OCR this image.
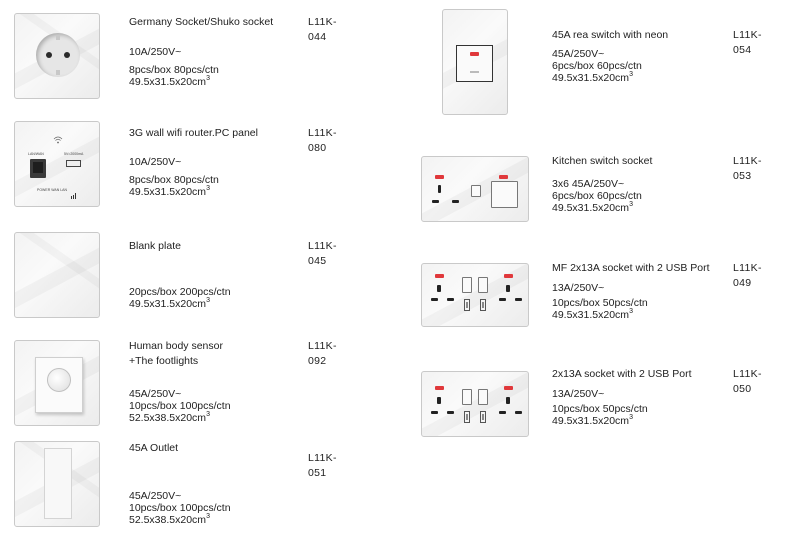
Germany Socket/Shuko socket	L11K-044
10A/250V~
8pcs/box 80pcs/ctn
$49.5x31.5x20cm^3$
LAN/WAN	5V=2000mA
POWER WAN LAN
3G wall wifi router.PC panel	L11K-080
10A/250V~
8pcs/box 80pcs/ctn
$49.5x31.5x20cm^3$
Blank plate	L11K-045
20pcs/box 200pcs/ctn
$49.5x31.5x20cm^3$
Human body sensor
+The footlights
L11K-092
45A/250V~
10pcs/box 100pcs/ctn
$52.5x38.5x20cm^3$
45A Outlet
L11K-051
45A/250V~
10pcs/box 100pcs/ctn
$52.5x38.5x20cm^3$
45A rea switch with neon	L11K-054
45A/250V~
6pcs/box 60pcs/ctn
$49.5x31.5x20cm^3$
Kitchen switch socket	L11K-053
3x6 45A/250V~
6pcs/box 60pcs/ctn
$49.5x31.5x20cm^3$
MF 2x13A socket with 2 USB Port L11K-049
13A/250V~
10pcs/box 50pcs/ctn
$49.5x31.5x20cm^3$
2x13A socket with 2 USB Port	L11K-050
13A/250V~
10pcs/box 50pcs/ctn
$49.5x31.5x20cm^3$
